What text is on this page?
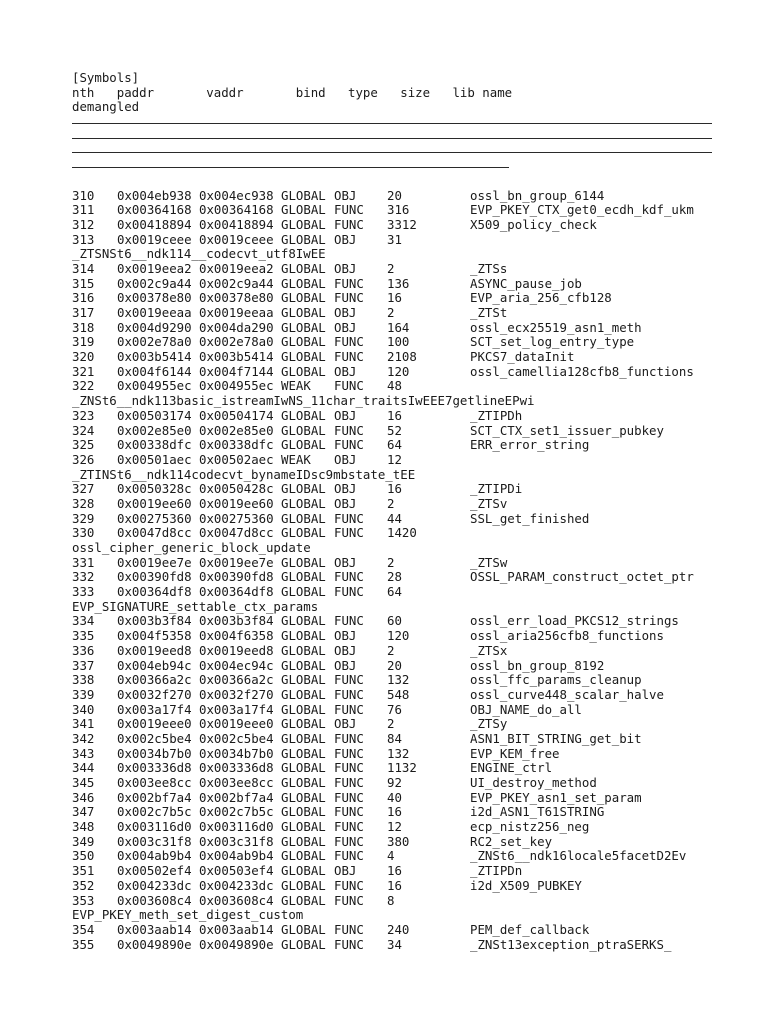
[Symbols]
nth   paddr       vaddr       bind   type   size   lib name
demangled
310 0x004eb938 0x004ec938 GLOBAL OBJ 20	ossl_bn_group_6144
311 0x00364168 0x00364168 GLOBAL FUNC 316	EVP_PKEY_CTX_get0_ecdh_kdf_ukm
312 0x00418894 0x00418894 GLOBAL FUNC 3312	X509_policy_check
313 0x0019ceee 0x0019ceee GLOBAL OBJ 31
_ZTSNSt6__ndk114__codecvt_utf8IwEE
314 0x0019eea2 0x0019eea2 GLOBAL OBJ 2	_ZTSs
315 0x002c9a44 0x002c9a44 GLOBAL FUNC 136	ASYNC_pause_job
316 0x00378e80 0x00378e80 GLOBAL FUNC 16	EVP_aria_256_cfb128
317 0x0019eeaa 0x0019eeaa GLOBAL OBJ 2	_ZTSt
318 0x004d9290 0x004da290 GLOBAL OBJ 164	ossl_ecx25519_asn1_meth
319 0x002e78a0 0x002e78a0 GLOBAL FUNC 100	SCT_set_log_entry_type
320 0x003b5414 0x003b5414 GLOBAL FUNC 2108	PKCS7_dataInit
321 0x004f6144 0x004f7144 GLOBAL OBJ 120	ossl_camellia128cfb8_functions
322 0x004955ec 0x004955ec WEAK FUNC 48
_ZNSt6__ndk113basic_istreamIwNS_11char_traitsIwEEE7getlineEPwi
323 0x00503174 0x00504174 GLOBAL OBJ 16	_ZTIPDh
324 0x002e85e0 0x002e85e0 GLOBAL FUNC 52	SCT_CTX_set1_issuer_pubkey
325 0x00338dfc 0x00338dfc GLOBAL FUNC 64	ERR_error_string
326 0x00501aec 0x00502aec WEAK OBJ 12
_ZTINSt6__ndk114codecvt_bynameIDsc9mbstate_tEE
327 0x0050328c 0x0050428c GLOBAL OBJ 16	_ZTIPDi
328 0x0019ee60 0x0019ee60 GLOBAL OBJ 2	_ZTSv
329 0x00275360 0x00275360 GLOBAL FUNC 44	SSL_get_finished
330 0x0047d8cc 0x0047d8cc GLOBAL FUNC 1420
ossl_cipher_generic_block_update
331 0x0019ee7e 0x0019ee7e GLOBAL OBJ 2	_ZTSw
332 0x00390fd8 0x00390fd8 GLOBAL FUNC 28	OSSL_PARAM_construct_octet_ptr
333 0x00364df8 0x00364df8 GLOBAL FUNC 64
EVP_SIGNATURE_settable_ctx_params
334 0x003b3f84 0x003b3f84 GLOBAL FUNC 60	ossl_err_load_PKCS12_strings
335 0x004f5358 0x004f6358 GLOBAL OBJ 120	ossl_aria256cfb8_functions
336 0x0019eed8 0x0019eed8 GLOBAL OBJ 2	_ZTSx
337 0x004eb94c 0x004ec94c GLOBAL OBJ 20	ossl_bn_group_8192
338 0x00366a2c 0x00366a2c GLOBAL FUNC 132	ossl_ffc_params_cleanup
339 0x0032f270 0x0032f270 GLOBAL FUNC 548	ossl_curve448_scalar_halve
340 0x003a17f4 0x003a17f4 GLOBAL FUNC 76	OBJ_NAME_do_all
341 0x0019eee0 0x0019eee0 GLOBAL OBJ 2	_ZTSy
342 0x002c5be4 0x002c5be4 GLOBAL FUNC 84	ASN1_BIT_STRING_get_bit
343 0x0034b7b0 0x0034b7b0 GLOBAL FUNC 132	EVP_KEM_free
344 0x003336d8 0x003336d8 GLOBAL FUNC 1132	ENGINE_ctrl
345 0x003ee8cc 0x003ee8cc GLOBAL FUNC 92	UI_destroy_method
346 0x002bf7a4 0x002bf7a4 GLOBAL FUNC 40	EVP_PKEY_asn1_set_param
347 0x002c7b5c 0x002c7b5c GLOBAL FUNC 16	i2d_ASN1_T61STRING
348 0x003116d0 0x003116d0 GLOBAL FUNC 12	ecp_nistz256_neg
349 0x003c31f8 0x003c31f8 GLOBAL FUNC 380	RC2_set_key
350 0x004ab9b4 0x004ab9b4 GLOBAL FUNC 4	_ZNSt6__ndk16locale5facetD2Ev
351 0x00502ef4 0x00503ef4 GLOBAL OBJ 16	_ZTIPDn
352 0x004233dc 0x004233dc GLOBAL FUNC 16	i2d_X509_PUBKEY
353 0x003608c4 0x003608c4 GLOBAL FUNC 8
EVP_PKEY_meth_set_digest_custom
354 0x003aab14 0x003aab14 GLOBAL FUNC 240	PEM_def_callback
355 0x0049890e 0x0049890e GLOBAL FUNC 34	_ZNSt13exception_ptraSERKS_
